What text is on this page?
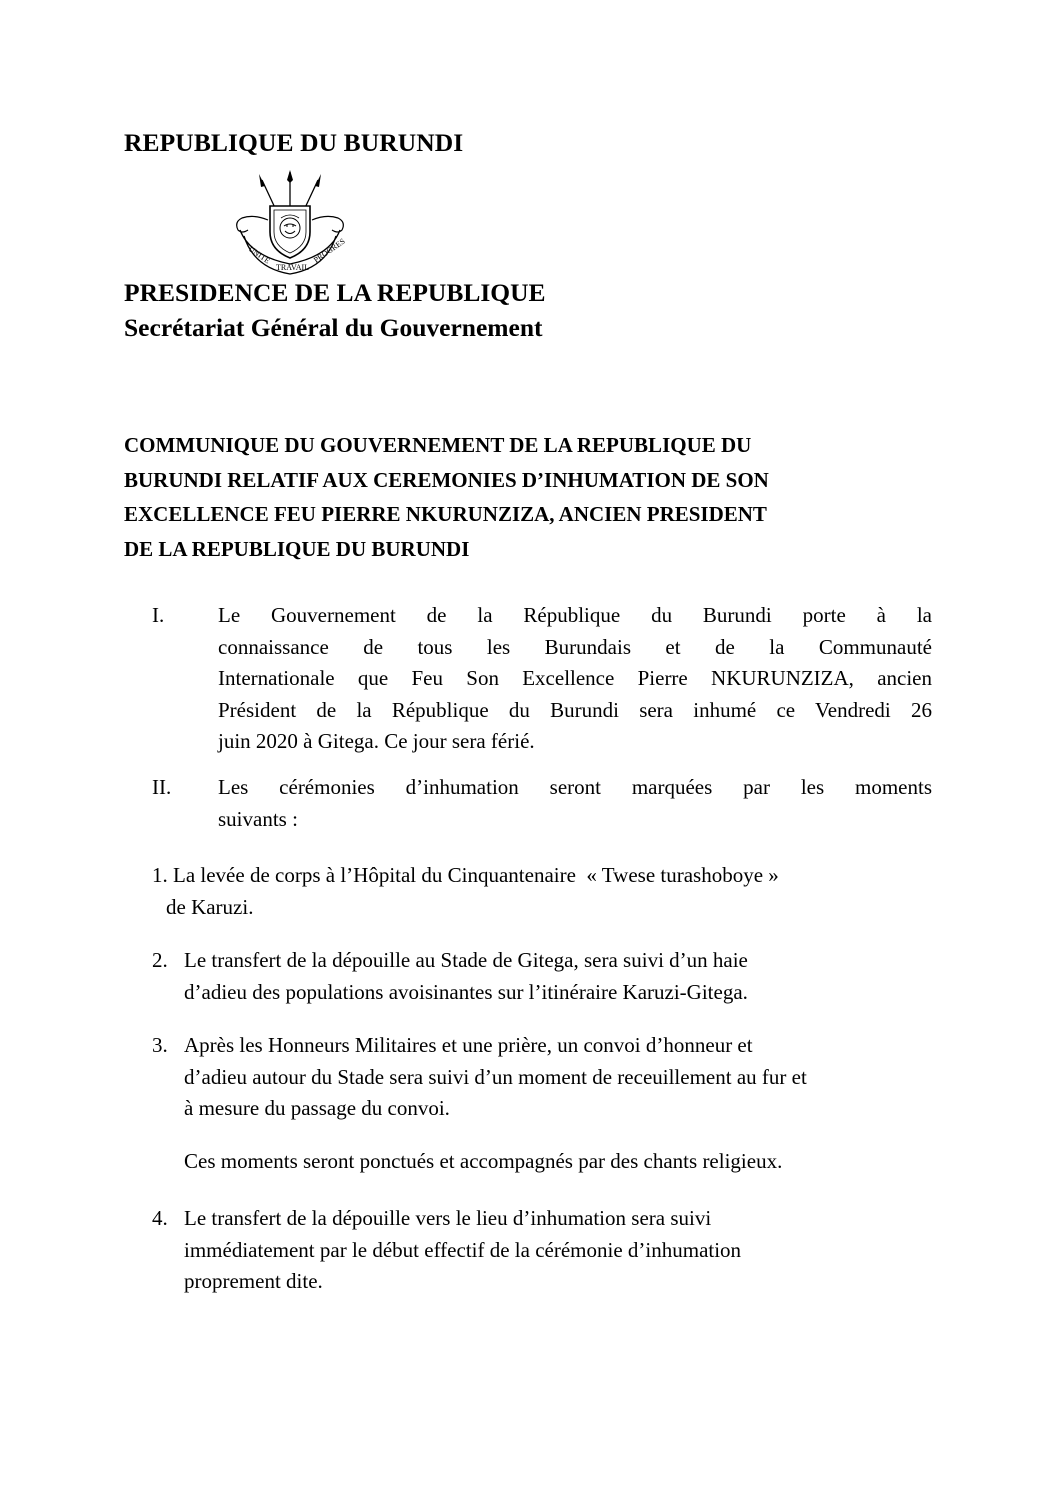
REPUBLIQUE DU BURUNDI
UNITE
TRAVAIL
PROGRES
PRESIDENCE DE LA REPUBLIQUE
Secrétariat Général du Gouvernement
COMMUNIQUE DU GOUVERNEMENT DE LA REPUBLIQUE DU
BURUNDI RELATIF AUX CEREMONIES D’INHUMATION DE SON
EXCELLENCE FEU PIERRE NKURUNZIZA, ANCIEN PRESIDENT
DE LA REPUBLIQUE DU BURUNDI
I.	Le Gouvernement de la République du Burundi porte à la
connaissance de tous les Burundais et de la Communauté
Internationale que Feu Son Excellence Pierre NKURUNZIZA, ancien
Président de la République du Burundi sera inhumé ce Vendredi 26
juin 2020 à Gitega. Ce jour sera férié.
II. Les cérémonies d’inhumation seront marquées par les moments
suivants :
1. La levée de corps à l’Hôpital du Cinquantenaire  « Twese turashoboye »
de Karuzi.
2. Le transfert de la dépouille au Stade de Gitega, sera suivi d’un haie
d’adieu des populations avoisinantes sur l’itinéraire Karuzi-Gitega.
3. Après les Honneurs Militaires et une prière, un convoi d’honneur et
d’adieu autour du Stade sera suivi d’un moment de receuillement au fur et
à mesure du passage du convoi.
Ces moments seront ponctués et accompagnés par des chants religieux.
4. Le transfert de la dépouille vers le lieu d’inhumation sera suivi
immédiatement par le début effectif de la cérémonie d’inhumation
proprement dite.
